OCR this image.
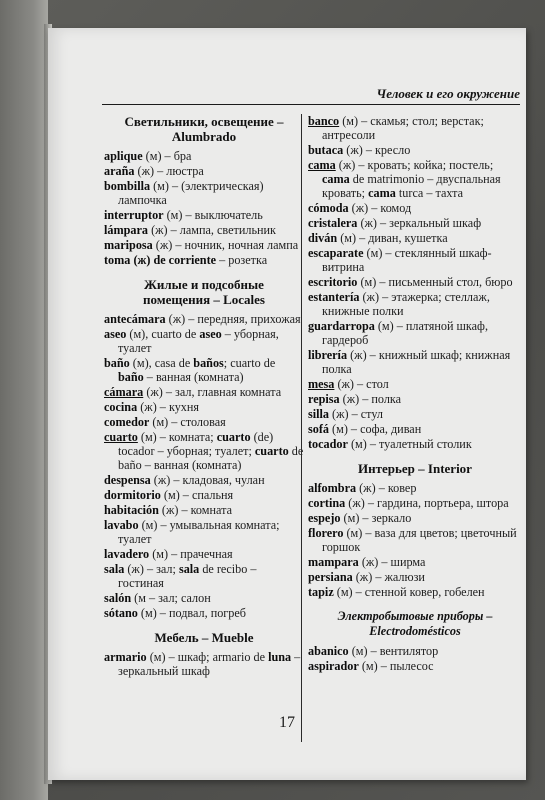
Человек и его окружение
Светильники, освещение –
Alumbrado
aplique (м) – бра
araña (ж) – люстра
bombilla (м) – (электрическая) лампочка
interruptor (м) – выключатель
lámpara (ж) – лампа, светильник
mariposa (ж) – ночник, ночная лампа
toma (ж) de corriente – розетка
Жилые и подсобные
помещения – Locales
antecámara (ж) – передняя, прихожая
aseo (м), cuarto de aseo – уборная, туалет
baño (м), casa de baños; cuarto de baño – ванная (комната)
cámara (ж) – зал, главная комната
cocina (ж) – кухня
comedor (м) – столовая
cuarto (м) – комната; cuarto (de) tocador – уборная; туалет; cuarto de baño – ванная (комната)
despensa (ж) – кладовая, чулан
dormitorio (м) – спальня
habitación (ж) – комната
lavabo (м) – умывальная комната; туалет
lavadero (м) – прачечная
sala (ж) – зал; sala de recibo – гостиная
salón (м – зал; салон
sótano (м) – подвал, погреб
Мебель – Mueble
armario (м) – шкаф; armario de luna – зеркальный шкаф
banco (м) – скамья; стол; верстак; антресоли
butaca (ж) – кресло
cama (ж) – кровать; койка; постель; cama de matrimonio – двуспальная кровать; cama turca – тахта
cómoda (ж) – комод
cristalera (ж) – зеркальный шкаф
diván (м) – диван, кушетка
escaparate (м) – стеклянный шкаф-витрина
escritorio (м) – письменный стол, бюро
estantería (ж) – этажерка; стеллаж, книжные полки
guardarropa (м) – платяной шкаф, гардероб
librería (ж) – книжный шкаф; книжная полка
mesa (ж) – стол
repisa (ж) – полка
silla (ж) – стул
sofá (м) – софа, диван
tocador (м) – туалетный столик
Интерьер – Interior
alfombra (ж) – ковер
cortina (ж) – гардина, портьера, штора
espejo (м) – зеркало
florero (м) – ваза для цветов; цветочный горшок
mampara (ж) – ширма
persiana (ж) – жалюзи
tapiz (м) – стенной ковер, гобелен
Электробытовые приборы –
Electrodomésticos
abanico (м) – вентилятор
aspirador (м) – пылесос
17
